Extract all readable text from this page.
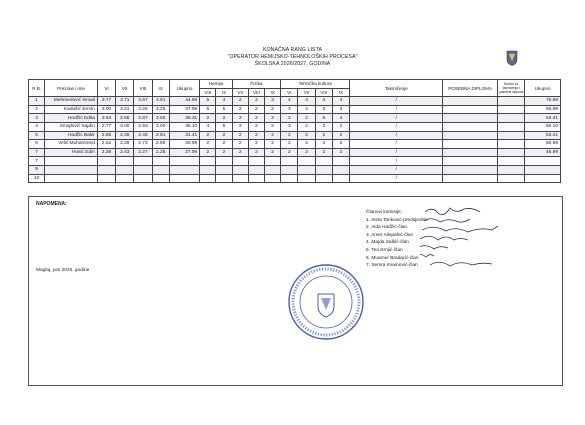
KONAČNA RANG LISTA
"OPERATOR HEMIJSKO-TEHNOLOŠKIH PROCESA"
ŠKOLSKA 2026/2027. GODINA
R.B.	Prezime i ime	VI	VII	VIII	IX	Ukupno	Hemija		Fizika			Tehnička kultura				Takmičenje	POSEBNA DIPLOMA	Bodovi za takmičenja i posebna diploma	Ukupno
							VIII	IX	VII	VIII	IX	VI	VII	VIII	IX				
1	Mehmedović Ismail	3.77	3.71	3.67	3.61	44.88	5	4	2	2	3	4	4	4	4	/			76.88
2	Kadušić Ermin	3.00	3.21	3.26	3.25	37.98	5	5	3	2	2	3	2	3	3	/			65.98
3	Hodžić Edita	3.54	2.86	2.87	3.50	38.31	2	2	3	2	2	2	2	5	4	/			62.31
4	Smajlović Sajdin	2.77	3.00	2.93	3.00	35.10	4	5	3	2	2	3	2	2	2	/			60.10
5	Hadžić Bakir	2.85	2.35	2.46	2.81	31.41	2	2	2	2	2	2	2	2	2	/			53.41
6	Velić Muhammed	2.62	2.29	2.73	2.69	30.99	2	2	2	2	2	2	2	4	2	/			50.99
7	Husić Edin	2.38	2.43	2.27	2.25	27.99	2	2	2	2	2	2	2	2	2	/			45.99
7																/			
9																/			
10																/			
NAPOMENA:
Članovi komisije:
1. Inela Tanković-predsjednik
2. Aida Hadžić-član
3. Amer Alispahić-član
4. Majda Salkić-član
5. Tea Krnjić-član
6. Muamer Bradarić-član
7. Semra Imamović-član
Maglaj, juni 2026. godine
